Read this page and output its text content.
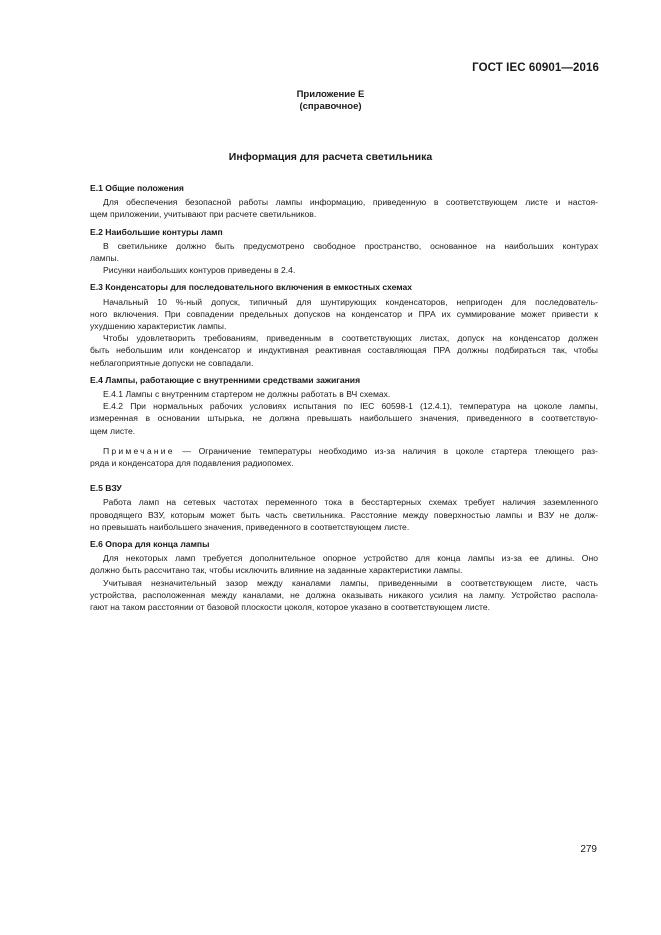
ГОСТ IEC 60901—2016
Приложение Е
(справочное)
Информация для расчета светильника
Е.1 Общие положения
Для обеспечения безопасной работы лампы информацию, приведенную в соответствующем листе и настоя-
щем приложении, учитывают при расчете светильников.
Е.2 Наибольшие контуры ламп
В светильнике должно быть предусмотрено свободное пространство, основанное на наибольших контурах
лампы.
Рисунки наибольших контуров приведены в 2.4.
Е.3 Конденсаторы для последовательного включения в емкостных схемах
Начальный 10 %-ный допуск, типичный для шунтирующих конденсаторов, непригоден для последователь-
ного включения. При совпадении предельных допусков на конденсатор и ПРА их суммирование может привести к
ухудшению характеристик лампы.
Чтобы удовлетворить требованиям, приведенным в соответствующих листах, допуск на конденсатор должен
быть небольшим или конденсатор и индуктивная реактивная составляющая ПРА должны подбираться так, чтобы
неблагоприятные допуски не совпадали.
Е.4 Лампы, работающие с внутренними средствами зажигания
Е.4.1 Лампы с внутренним стартером не должны работать в ВЧ схемах.
Е.4.2 При нормальных рабочих условиях испытания по IEC 60598-1 (12.4.1), температура на цоколе лампы,
измеренная в основании штырька, не должна превышать наибольшего значения, приведенного в соответствую-
щем листе.
Примечание — Ограничение температуры необходимо из-за наличия в цоколе стартера тлеющего раз-
ряда и конденсатора для подавления радиопомех.
Е.5 ВЗУ
Работа ламп на сетевых частотах переменного тока в бесстартерных схемах требует наличия заземленного
проводящего ВЗУ, которым может быть часть светильника. Расстояние между поверхностью лампы и ВЗУ не долж-
но превышать наибольшего значения, приведенного в соответствующем листе.
Е.6 Опора для конца лампы
Для некоторых ламп требуется дополнительное опорное устройство для конца лампы из-за ее длины. Оно
должно быть рассчитано так, чтобы исключить влияние на заданные характеристики лампы.
Учитывая незначительный зазор между каналами лампы, приведенными в соответствующем листе, часть
устройства, расположенная между каналами, не должна оказывать никакого усилия на лампу. Устройство распола-
гают на таком расстоянии от базовой плоскости цоколя, которое указано в соответствующем листе.
279
